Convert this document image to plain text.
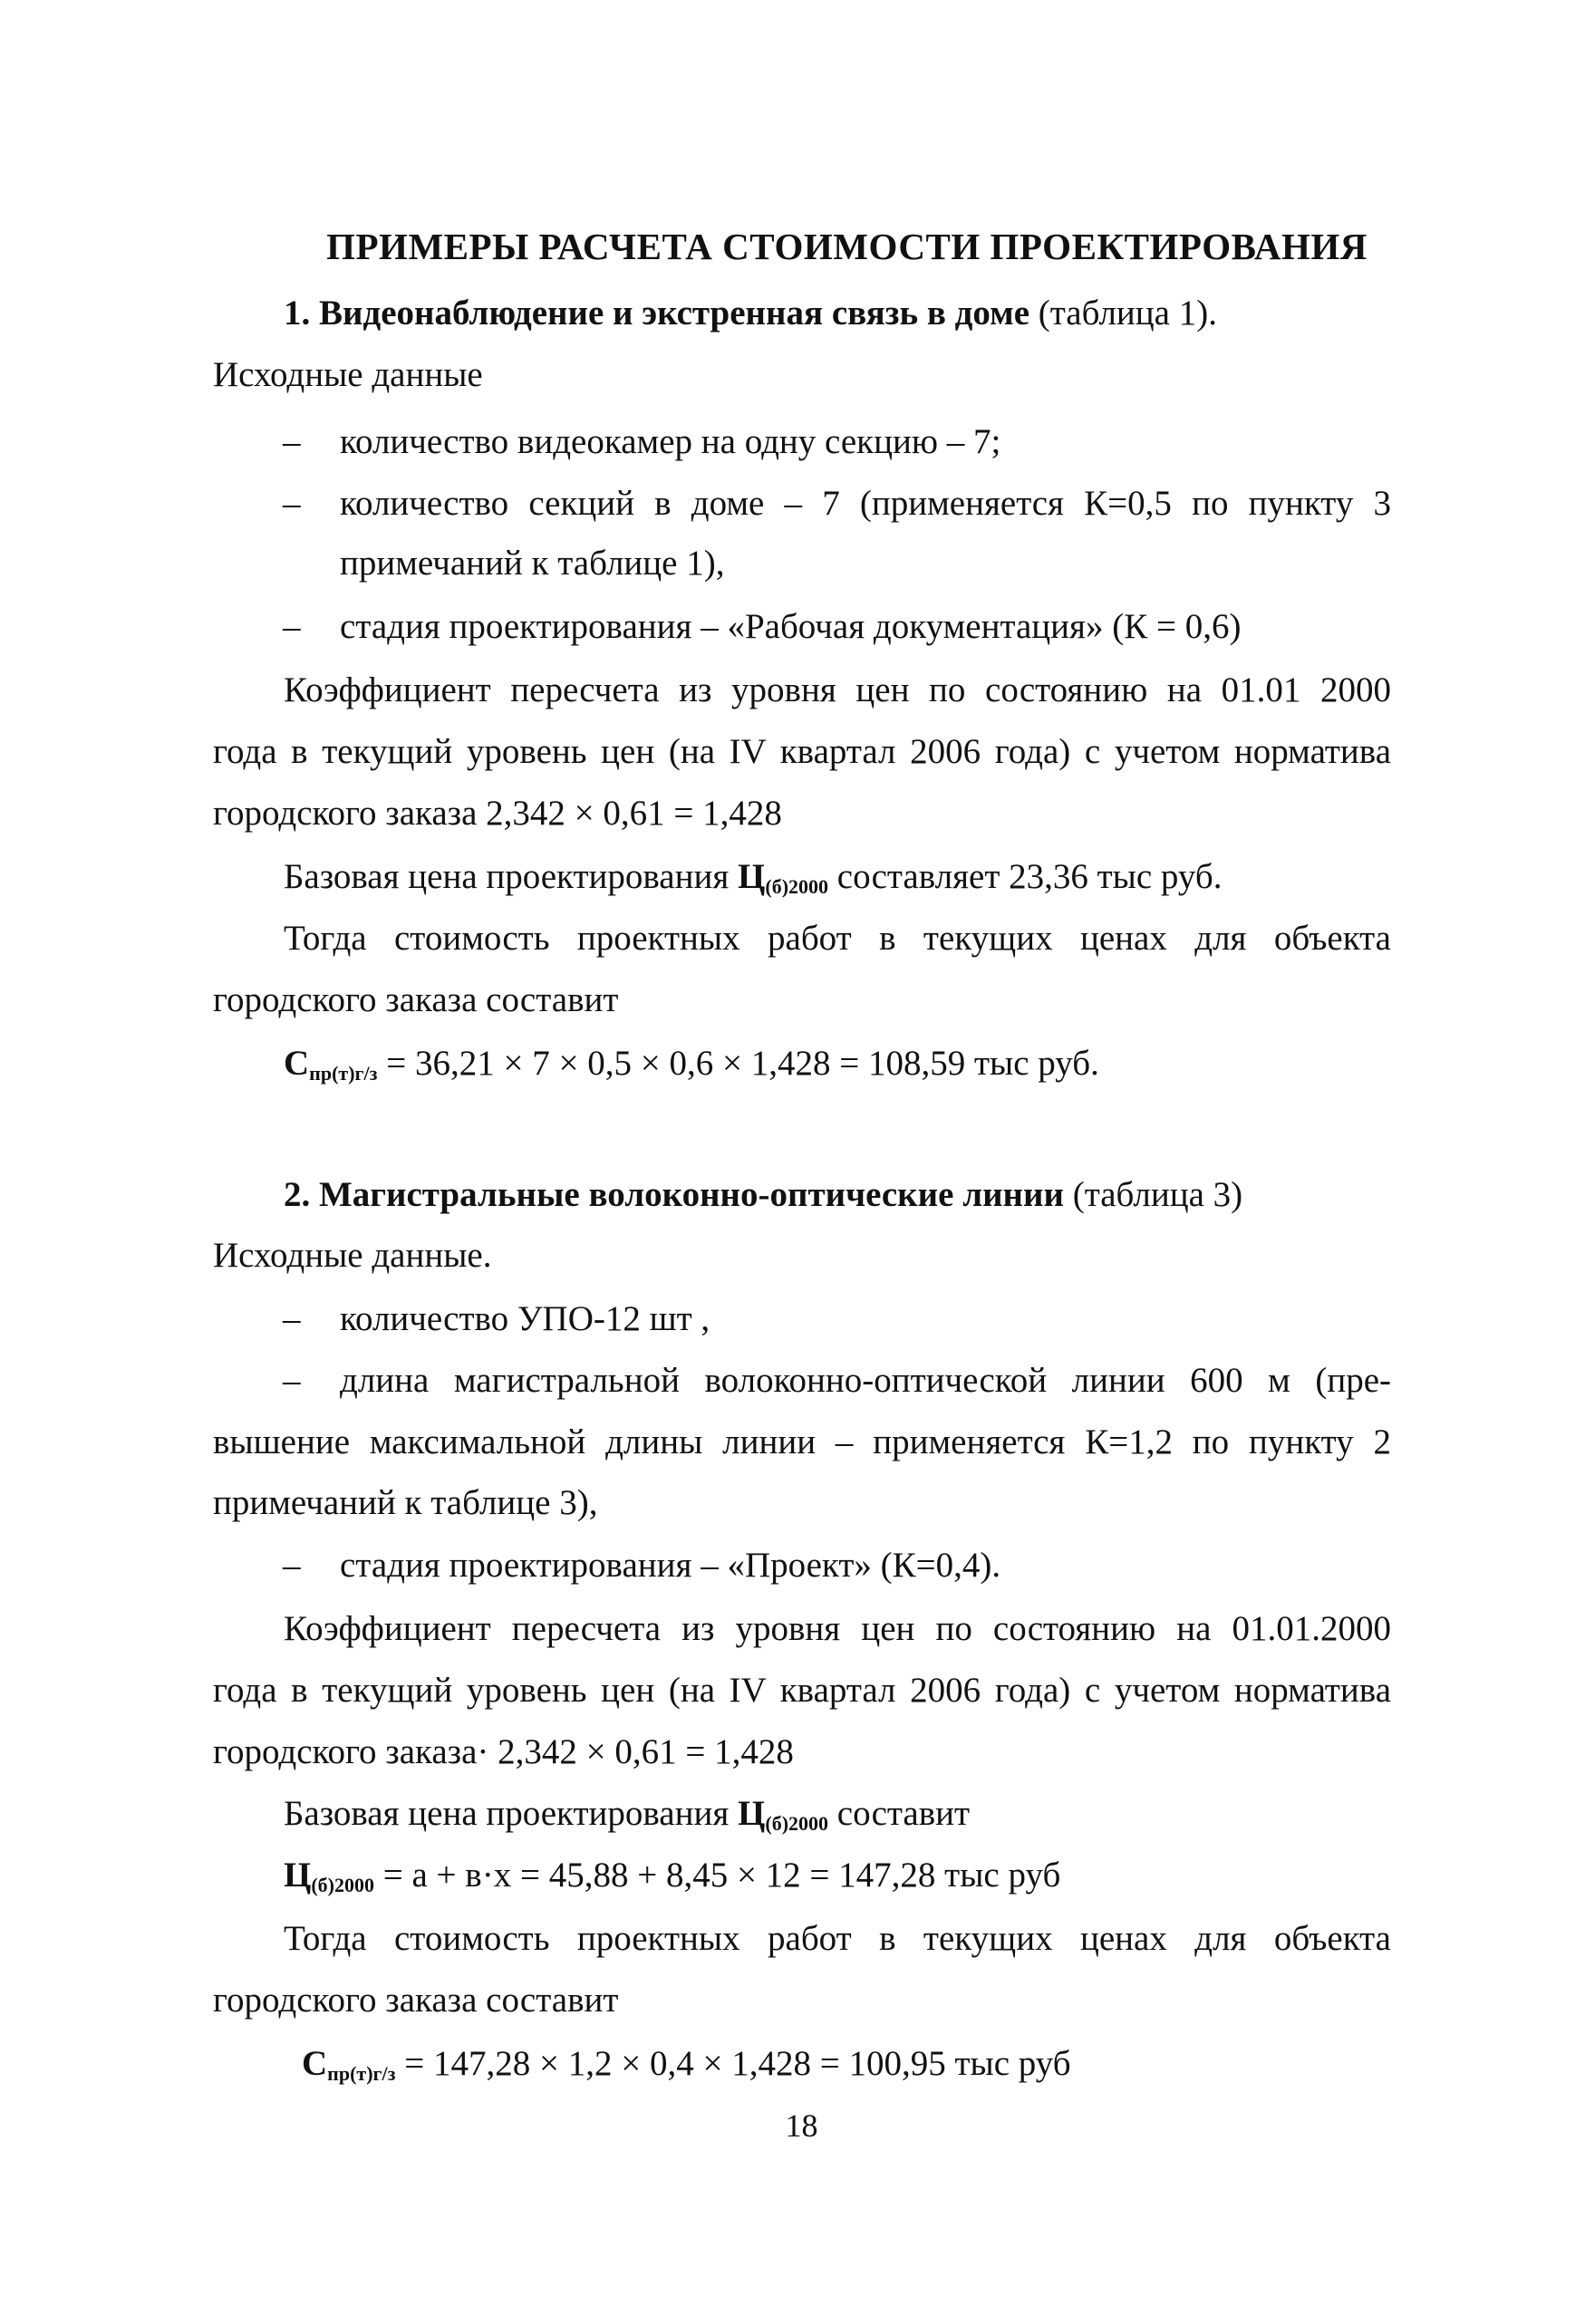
ПРИМЕРЫ РАСЧЕТА СТОИМОСТИ ПРОЕКТИРОВАНИЯ
1. Видеонаблюдение и экстренная связь в доме (таблица 1).
Исходные данные
– количество видеокамер на одну секцию – 7;
– количество секций в доме – 7 (применяется К=0,5 по пункту 3
примечаний к таблице 1),
– стадия проектирования – «Рабочая документация» (К = 0,6)
Коэффициент пересчета из уровня цен по состоянию на 01.01 2000
года в текущий уровень цен (на IV квартал 2006 года) с учетом норматива
городского заказа 2,342 × 0,61 = 1,428
Базовая цена проектирования $Ц_{(б)2000}$ составляет 23,36 тыс руб.
Тогда стоимость проектных работ в текущих ценах для объекта
городского заказа составит
$С_{пр(т)г/з} = 36,21 \times 7 \times 0,5 \times 0,6 \times 1,428 = 108,59$ тыс руб.
2. Магистральные волоконно-оптические линии (таблица 3)
Исходные данные.
– количество УПО-12 шт ,
– длина магистральной волоконно-оптической линии 600 м (пре-
вышение максимальной длины линии – применяется К=1,2 по пункту 2
примечаний к таблице 3),
– стадия проектирования – «Проект» (К=0,4).
Коэффициент пересчета из уровня цен по состоянию на 01.01.2000
года в текущий уровень цен (на IV квартал 2006 года) с учетом норматива
городского заказа· 2,342 × 0,61 = 1,428
Базовая цена проектирования $Ц_{(б)2000}$ составит
$Ц_{(б)2000} = а + в\cdot х = 45,88 + 8,45 \times 12 = 147,28$ тыс руб
Тогда стоимость проектных работ в текущих ценах для объекта
городского заказа составит
$С_{пр(т)г/з} = 147,28 \times 1,2 \times 0,4 \times 1,428 = 100,95$ тыс руб
18
